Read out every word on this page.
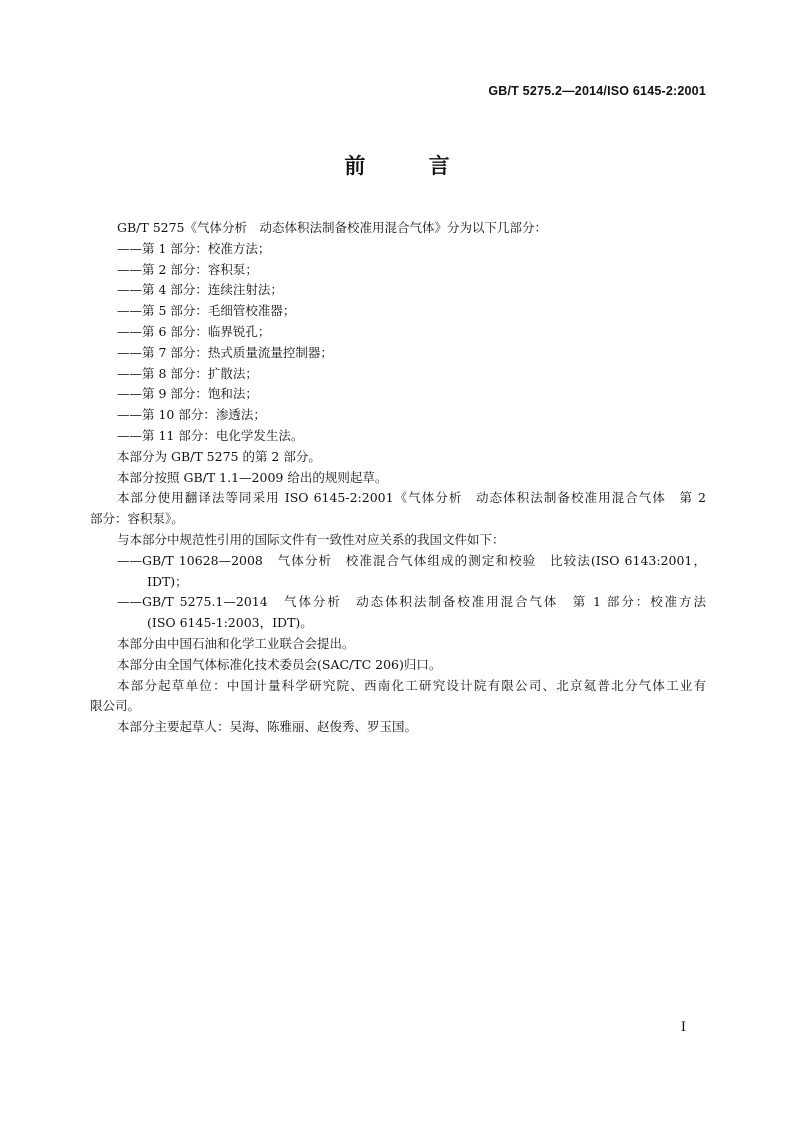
GB/T 5275.2—2014/ISO 6145-2:2001
前 言
GB/T 5275《气体分析　动态体积法制备校准用混合气体》分为以下几部分：
——第 1 部分：校准方法；
——第 2 部分：容积泵；
——第 4 部分：连续注射法；
——第 5 部分：毛细管校准器；
——第 6 部分：临界锐孔；
——第 7 部分：热式质量流量控制器；
——第 8 部分：扩散法；
——第 9 部分：饱和法；
——第 10 部分：渗透法；
——第 11 部分：电化学发生法。
本部分为 GB/T 5275 的第 2 部分。
本部分按照 GB/T 1.1—2009 给出的规则起草。
本部分使用翻译法等同采用 ISO 6145-2:2001《气体分析　动态体积法制备校准用混合气体　第 2
部分：容积泵》。
与本部分中规范性引用的国际文件有一致性对应关系的我国文件如下：
——GB/T 10628—2008　气体分析　校准混合气体组成的测定和校验　比较法(ISO 6143:2001，
IDT)；
——GB/T 5275.1—2014　气体分析　动态体积法制备校准用混合气体　第 1 部分：校准方法
(ISO 6145-1:2003，IDT)。
本部分由中国石油和化学工业联合会提出。
本部分由全国气体标准化技术委员会(SAC/TC 206)归口。
本部分起草单位：中国计量科学研究院、西南化工研究设计院有限公司、北京氦普北分气体工业有
限公司。
本部分主要起草人：吴海、陈雅丽、赵俊秀、罗玉国。
I
